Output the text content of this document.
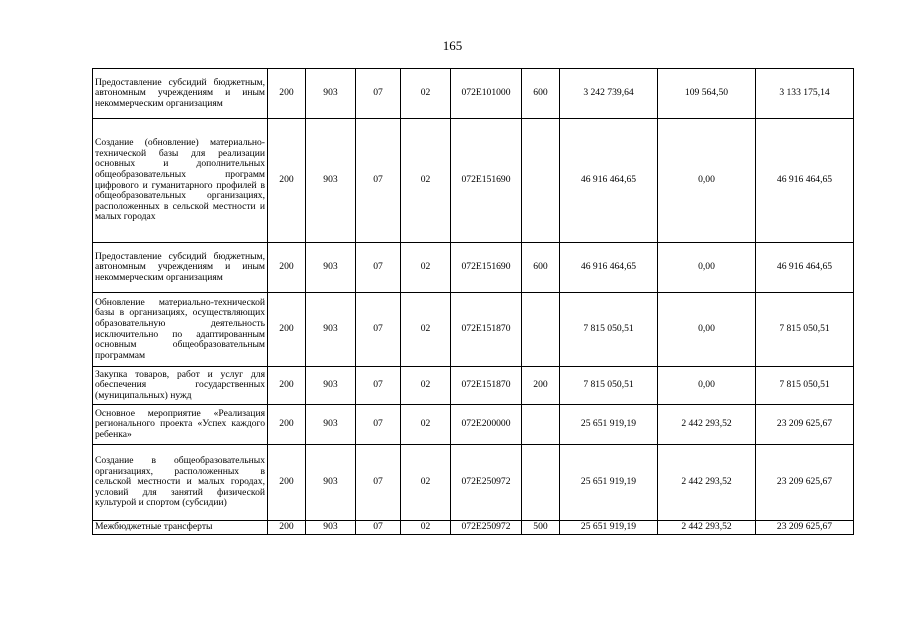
165
Предоставление субсидий бюджетным, автономным учреждениям и иным некоммерческим организациям	200	903	07	02	072E101000	600	3 242 739,64	109 564,50	3 133 175,14
Создание (обновление) материально-технической базы для реализации основных и дополнительных общеобразовательных программ цифрового и гуманитарного профилей в общеобразовательных организациях, расположенных в сельской местности и малых городах	200	903	07	02	072E151690		46 916 464,65	0,00	46 916 464,65
Предоставление субсидий бюджетным, автономным учреждениям и иным некоммерческим организациям	200	903	07	02	072E151690	600	46 916 464,65	0,00	46 916 464,65
Обновление материально-технической базы в организациях, осуществляющих образовательную деятельность исключительно по адаптированным основным общеобразовательным программам	200	903	07	02	072E151870		7 815 050,51	0,00	7 815 050,51
Закупка товаров, работ и услуг для обеспечения государственных (муниципальных) нужд	200	903	07	02	072E151870	200	7 815 050,51	0,00	7 815 050,51
Основное мероприятие «Реализация регионального проекта «Успех каждого ребенка»	200	903	07	02	072E200000		25 651 919,19	2 442 293,52	23 209 625,67
Создание в общеобразовательных организациях, расположенных в сельской местности и малых городах, условий для занятий физической культурой и спортом (субсидии)	200	903	07	02	072E250972		25 651 919,19	2 442 293,52	23 209 625,67
Межбюджетные трансферты	200	903	07	02	072E250972	500	25 651 919,19	2 442 293,52	23 209 625,67
